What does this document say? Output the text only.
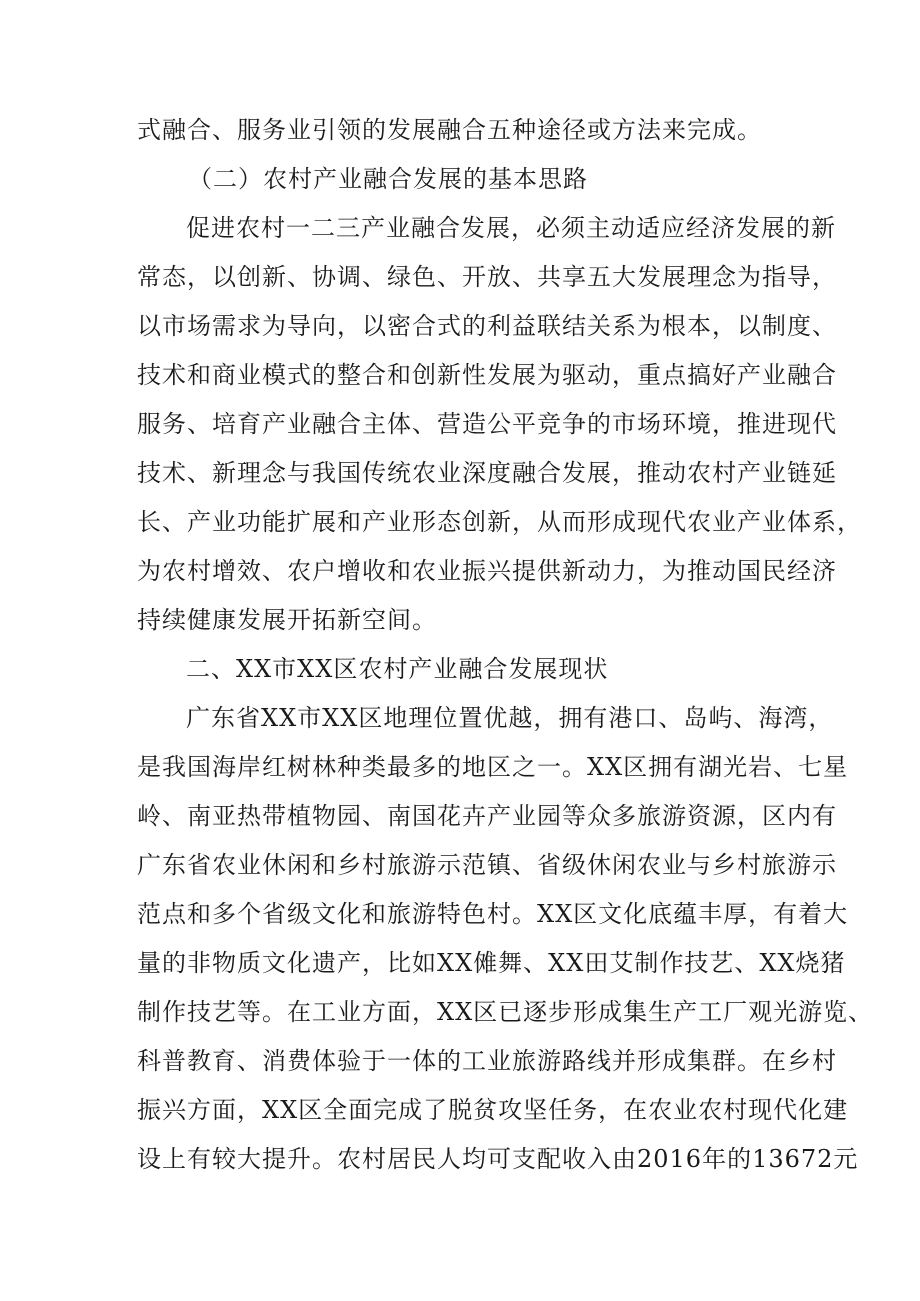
式融合、服务业引领的发展融合五种途径或方法来完成。
（二）农村产业融合发展的基本思路
促进农村一二三产业融合发展，必须主动适应经济发展的新
常态，以创新、协调、绿色、开放、共享五大发展理念为指导，
以市场需求为导向，以密合式的利益联结关系为根本，以制度、
技术和商业模式的整合和创新性发展为驱动，重点搞好产业融合
服务、培育产业融合主体、营造公平竞争的市场环境，推进现代
技术、新理念与我国传统农业深度融合发展，推动农村产业链延
长、产业功能扩展和产业形态创新，从而形成现代农业产业体系，
为农村增效、农户增收和农业振兴提供新动力，为推动国民经济
持续健康发展开拓新空间。
二、XX市XX区农村产业融合发展现状
广东省XX市XX区地理位置优越，拥有港口、岛屿、海湾，
是我国海岸红树林种类最多的地区之一。XX区拥有湖光岩、七星
岭、南亚热带植物园、南国花卉产业园等众多旅游资源，区内有
广东省农业休闲和乡村旅游示范镇、省级休闲农业与乡村旅游示
范点和多个省级文化和旅游特色村。XX区文化底蕴丰厚，有着大
量的非物质文化遗产，比如XX傩舞、XX田艾制作技艺、XX烧猪
制作技艺等。在工业方面，XX区已逐步形成集生产工厂观光游览、
科普教育、消费体验于一体的工业旅游路线并形成集群。在乡村
振兴方面，XX区全面完成了脱贫攻坚任务，在农业农村现代化建
设上有较大提升。农村居民人均可支配收入由2016年的13672元
